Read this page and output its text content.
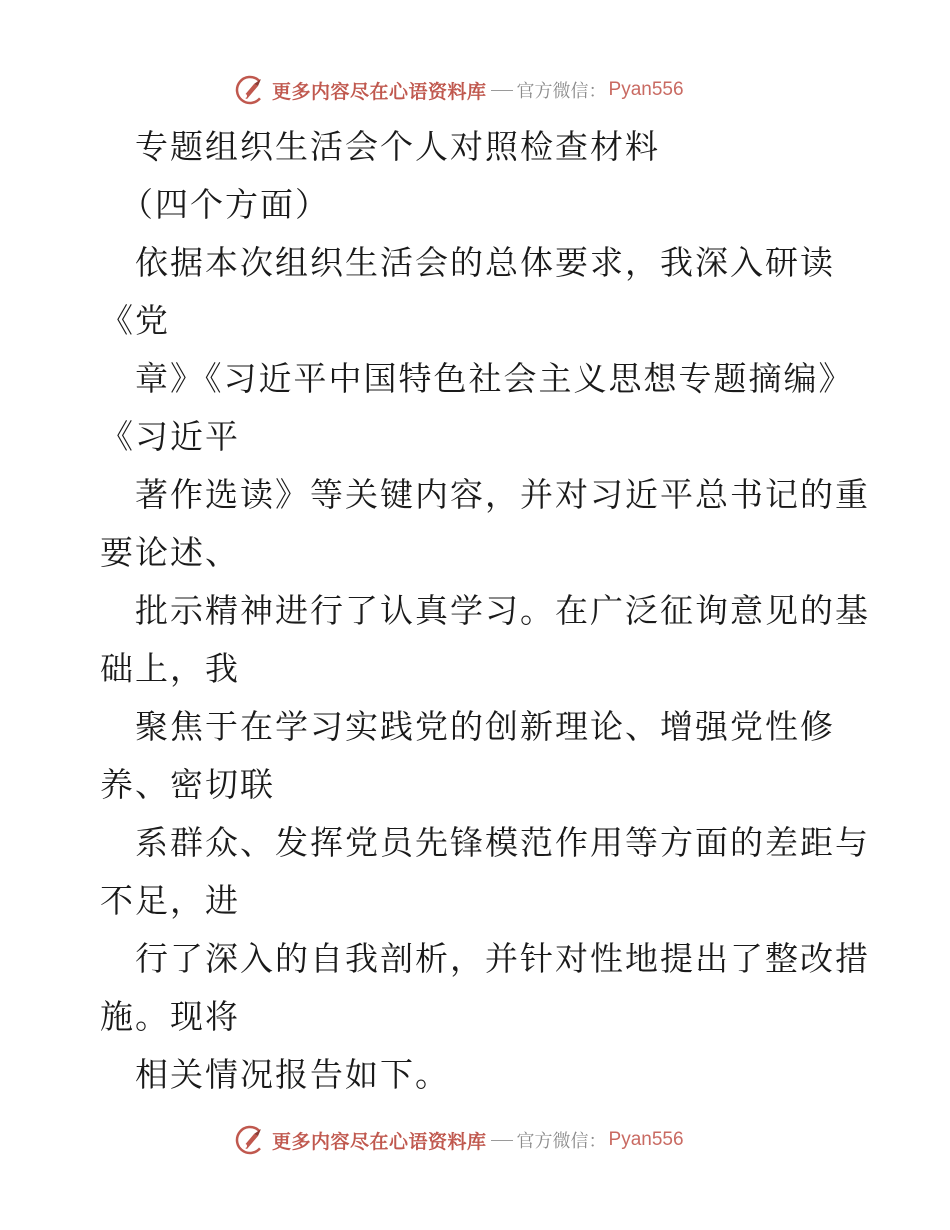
更多内容尽在心语资料库 官方微信： Pyan556
专题组织生活会个人对照检查材料
（四个方面）
依据本次组织生活会的总体要求，我深入研读
《党
章》《习近平中国特色社会主义思想专题摘编》
《习近平
著作选读》等关键内容，并对习近平总书记的重
要论述、
批示精神进行了认真学习。在广泛征询意见的基
础上，我
聚焦于在学习实践党的创新理论、增强党性修
养、密切联
系群众、发挥党员先锋模范作用等方面的差距与
不足，进
行了深入的自我剖析，并针对性地提出了整改措
施。现将
相关情况报告如下。
更多内容尽在心语资料库 官方微信： Pyan556
